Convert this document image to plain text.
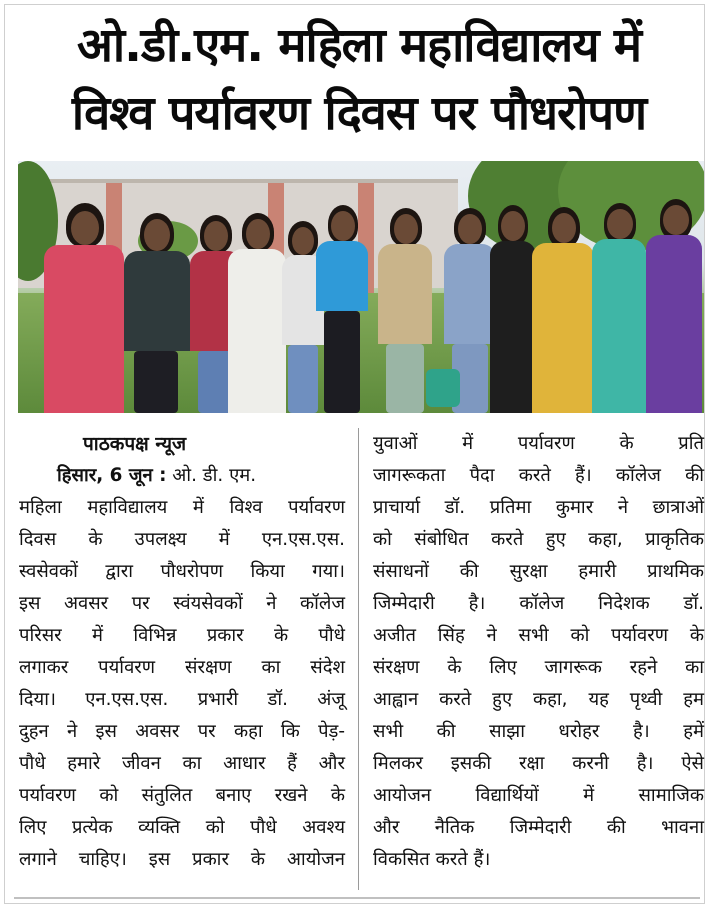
ओ.डी.एम. महिला महाविद्यालय में
विश्व पर्यावरण दिवस पर पौधरोपण
पाठकपक्ष न्यूज
हिसार, 6 जून : ओ. डी. एम.
महिला महाविद्यालय में विश्व पर्यावरण
दिवस के उपलक्ष्य में एन.एस.एस.
स्वसेवकों द्वारा पौधरोपण किया गया।
इस अवसर पर स्वंयसेवकों ने कॉलेज
परिसर में विभिन्न प्रकार के पौधे
लगाकर पर्यावरण संरक्षण का संदेश
दिया। एन.एस.एस. प्रभारी डॉ. अंजू
दुहन ने इस अवसर पर कहा कि पेड़-
पौधे हमारे जीवन का आधार हैं और
पर्यावरण को संतुलित बनाए रखने के
लिए प्रत्येक व्यक्ति को पौधे अवश्य
लगाने चाहिए। इस प्रकार के आयोजन
युवाओं में पर्यावरण के प्रति
जागरूकता पैदा करते हैं। कॉलेज की
प्राचार्या डॉ. प्रतिमा कुमार ने छात्राओं
को संबोधित करते हुए कहा, प्राकृतिक
संसाधनों की सुरक्षा हमारी प्राथमिक
जिम्मेदारी है। कॉलेज निदेशक डॉ.
अजीत सिंह ने सभी को पर्यावरण के
संरक्षण के लिए जागरूक रहने का
आह्वान करते हुए कहा, यह पृथ्वी हम
सभी की साझा धरोहर है। हमें
मिलकर इसकी रक्षा करनी है। ऐसे
आयोजन विद्यार्थियों में सामाजिक
और नैतिक जिम्मेदारी की भावना
विकसित करते हैं।
